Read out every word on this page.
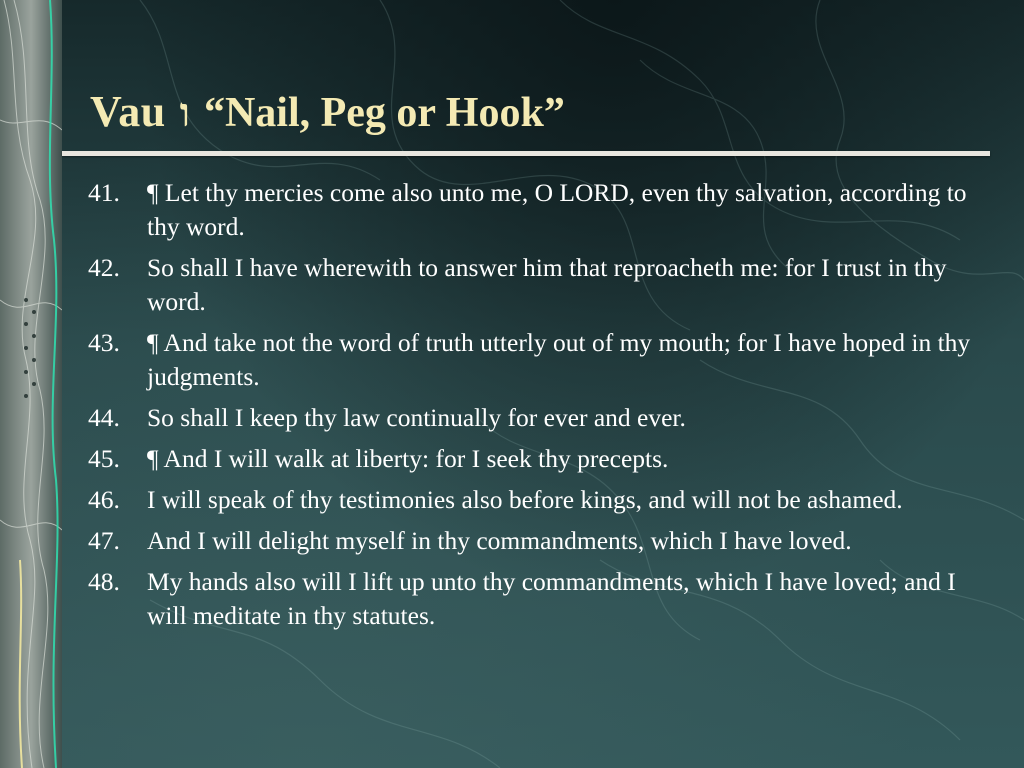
Vau ו “Nail, Peg or Hook”
41.	¶ Let thy mercies come also unto me, O LORD, even thy salvation, according to thy word.
42.	So shall I have wherewith to answer him that reproacheth me: for I trust in thy word.
43.	¶ And take not the word of truth utterly out of my mouth; for I have hoped in thy judgments.
44.	So shall I keep thy law continually for ever and ever.
45.	¶ And I will walk at liberty: for I seek thy precepts.
46.	I will speak of thy testimonies also before kings, and will not be ashamed.
47.	And I will delight myself in thy commandments, which I have loved.
48.	My hands also will I lift up unto thy commandments, which I have loved; and I will meditate in thy statutes.
